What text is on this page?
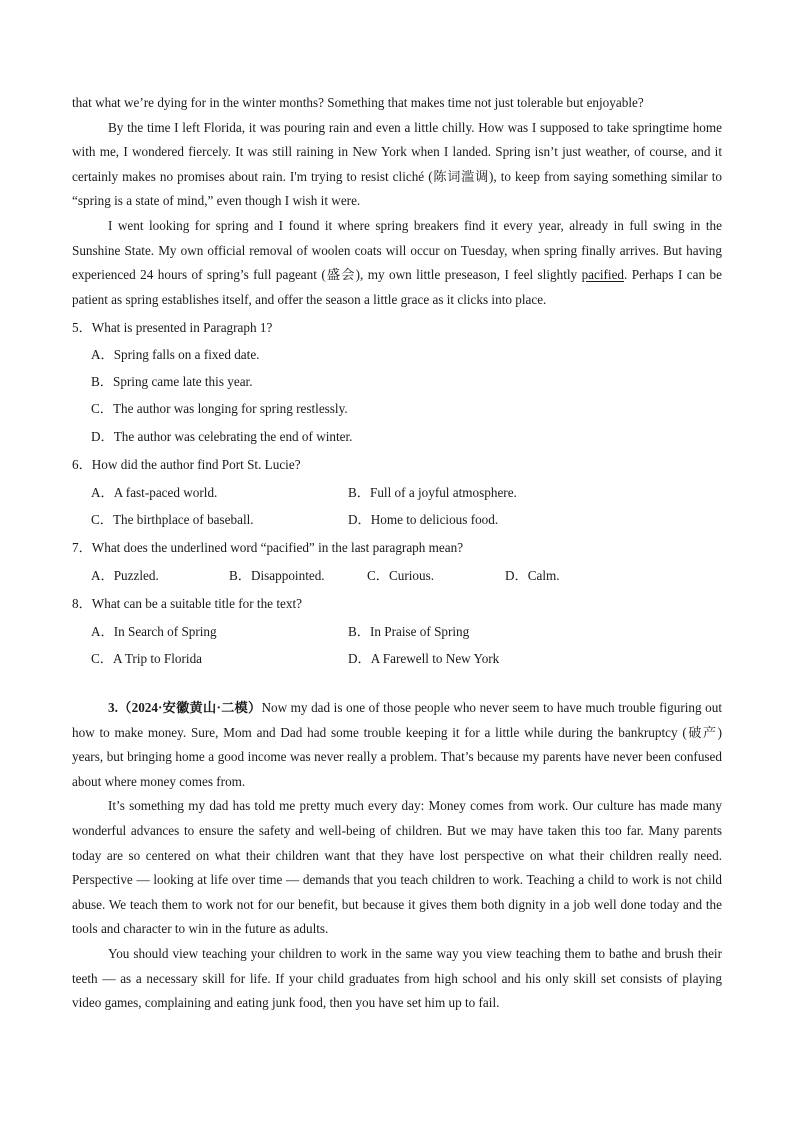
that what we’re dying for in the winter months? Something that makes time not just tolerable but enjoyable?

By the time I left Florida, it was pouring rain and even a little chilly. How was I supposed to take springtime home with me, I wondered fiercely. It was still raining in New York when I landed. Spring isn’t just weather, of course, and it certainly makes no promises about rain. I'm trying to resist cliché (陈词滥调), to keep from saying something similar to “spring is a state of mind,” even though I wish it were.

I went looking for spring and I found it where spring breakers find it every year, already in full swing in the Sunshine State. My own official removal of woolen coats will occur on Tuesday, when spring finally arrives. But having experienced 24 hours of spring’s full pageant (盛会), my own little preseason, I feel slightly pacified. Perhaps I can be patient as spring establishes itself, and offer the season a little grace as it clicks into place.

5．What is presented in Paragraph 1?

A．Spring falls on a fixed date.

B．Spring came late this year.

C．The author was longing for spring restlessly.

D．The author was celebrating the end of winter.

6．How did the author find Port St. Lucie?

A．A fast-paced world.	B．Full of a joyful atmosphere.
C．The birthplace of baseball.	D．Home to delicious food.

7．What does the underlined word “pacified” in the last paragraph mean?

A．Puzzled.	B．Disappointed.	C．Curious.	D．Calm.

8．What can be a suitable title for the text?

A．In Search of Spring	B．In Praise of Spring
C．A Trip to Florida	D．A Farewell to New York

3.（2024·安徽黄山·二模）Now my dad is one of those people who never seem to have much trouble figuring out how to make money. Sure, Mom and Dad had some trouble keeping it for a little while during the bankruptcy (破产) years, but bringing home a good income was never really a problem. That’s because my parents have never been confused about where money comes from.

It’s something my dad has told me pretty much every day: Money comes from work. Our culture has made many wonderful advances to ensure the safety and well-being of children. But we may have taken this too far. Many parents today are so centered on what their children want that they have lost perspective on what their children really need. Perspective — looking at life over time — demands that you teach children to work. Teaching a child to work is not child abuse. We teach them to work not for our benefit, but because it gives them both dignity in a job well done today and the tools and character to win in the future as adults.

You should view teaching your children to work in the same way you view teaching them to bathe and brush their teeth — as a necessary skill for life. If your child graduates from high school and his only skill set consists of playing video games, complaining and eating junk food, then you have set him up to fail.
